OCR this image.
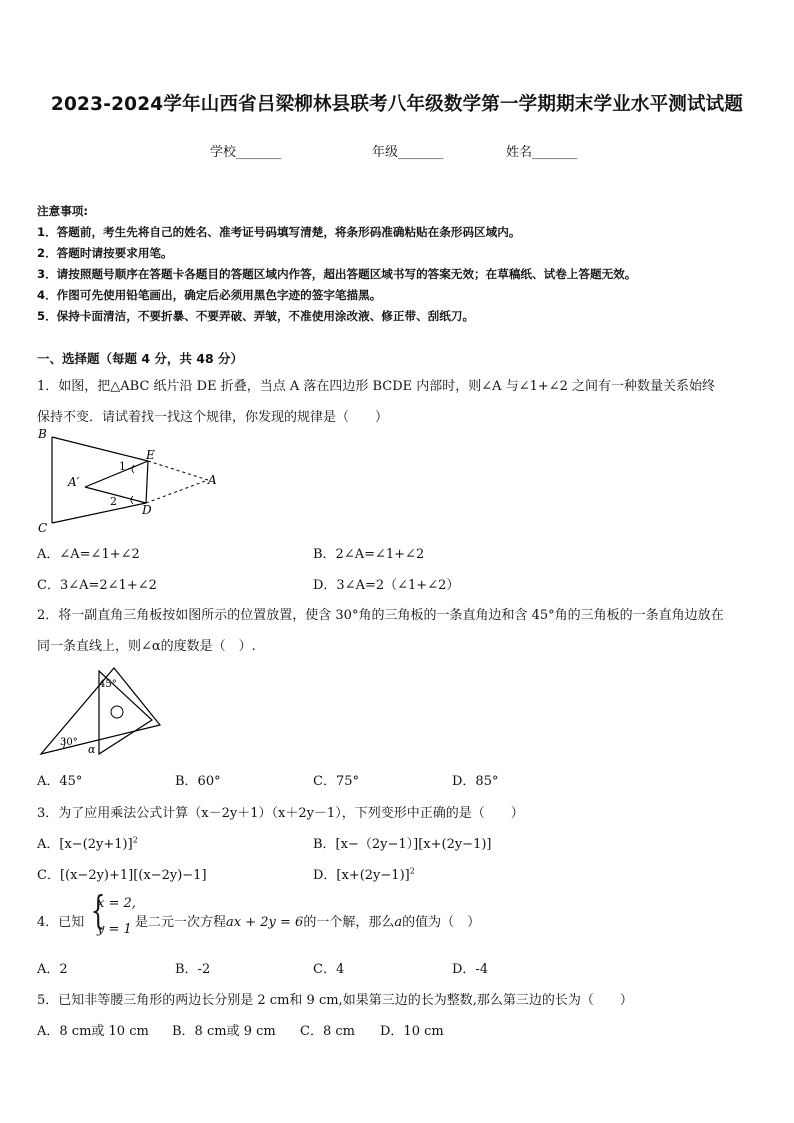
2023-2024学年山西省吕梁柳林县联考八年级数学第一学期期末学业水平测试试题
学校_______	年级_______	姓名_______
注意事项:
1．答题前，考生先将自己的姓名、准考证号码填写清楚，将条形码准确粘贴在条形码区域内。
2．答题时请按要求用笔。
3．请按照题号顺序在答题卡各题目的答题区域内作答，超出答题区域书写的答案无效；在草稿纸、试卷上答题无效。
4．作图可先使用铅笔画出，确定后必须用黑色字迹的签字笔描黑。
5．保持卡面清洁，不要折暴、不要弄破、弄皱，不准使用涂改液、修正带、刮纸刀。
一、选择题（每题 4 分，共 48 分）
1．如图，把△ABC 纸片沿 DE 折叠，当点 A 落在四边形 BCDE 内部时，则∠A 与∠1+∠2 之间有一种数量关系始终
保持不变．请试着找一找这个规律，你发现的规律是（　　）
B
C
E
D
A
A′
1
2
A．∠A=∠1+∠2	B．2∠A=∠1+∠2
C．3∠A=2∠1+∠2	D．3∠A=2（∠1+∠2）
2．将一副直角三角板按如图所示的位置放置，使含 30°角的三角板的一条直角边和含 45°角的三角板的一条直角边放在
同一条直线上，则∠α的度数是（　）.
45°
30°
α
A．45°	B．60°	C．75°	D．85°
3．为了应用乘法公式计算（x－2y＋1）（x＋2y－1），下列变形中正确的是（　　）
A．$[x-(2y+1)]^2$	B．[x−（2y−1）][x+(2y−1)]
C．[(x−2y)+1][(x−2y)−1]	D．$[x+(2y-1)]^2$
4．已知 {
x = 2,
y = 1 是二元一次方程ax + 2y = 6的一个解，那么a的值为（　）
A．2	B．-2	C．4	D．-4
5．已知非等腰三角形的两边长分别是 2 cm和 9 cm,如果第三边的长为整数,那么第三边的长为（　　）
A．8 cm或 10 cm B．8 cm或 9 cm C．8 cm D．10 cm
